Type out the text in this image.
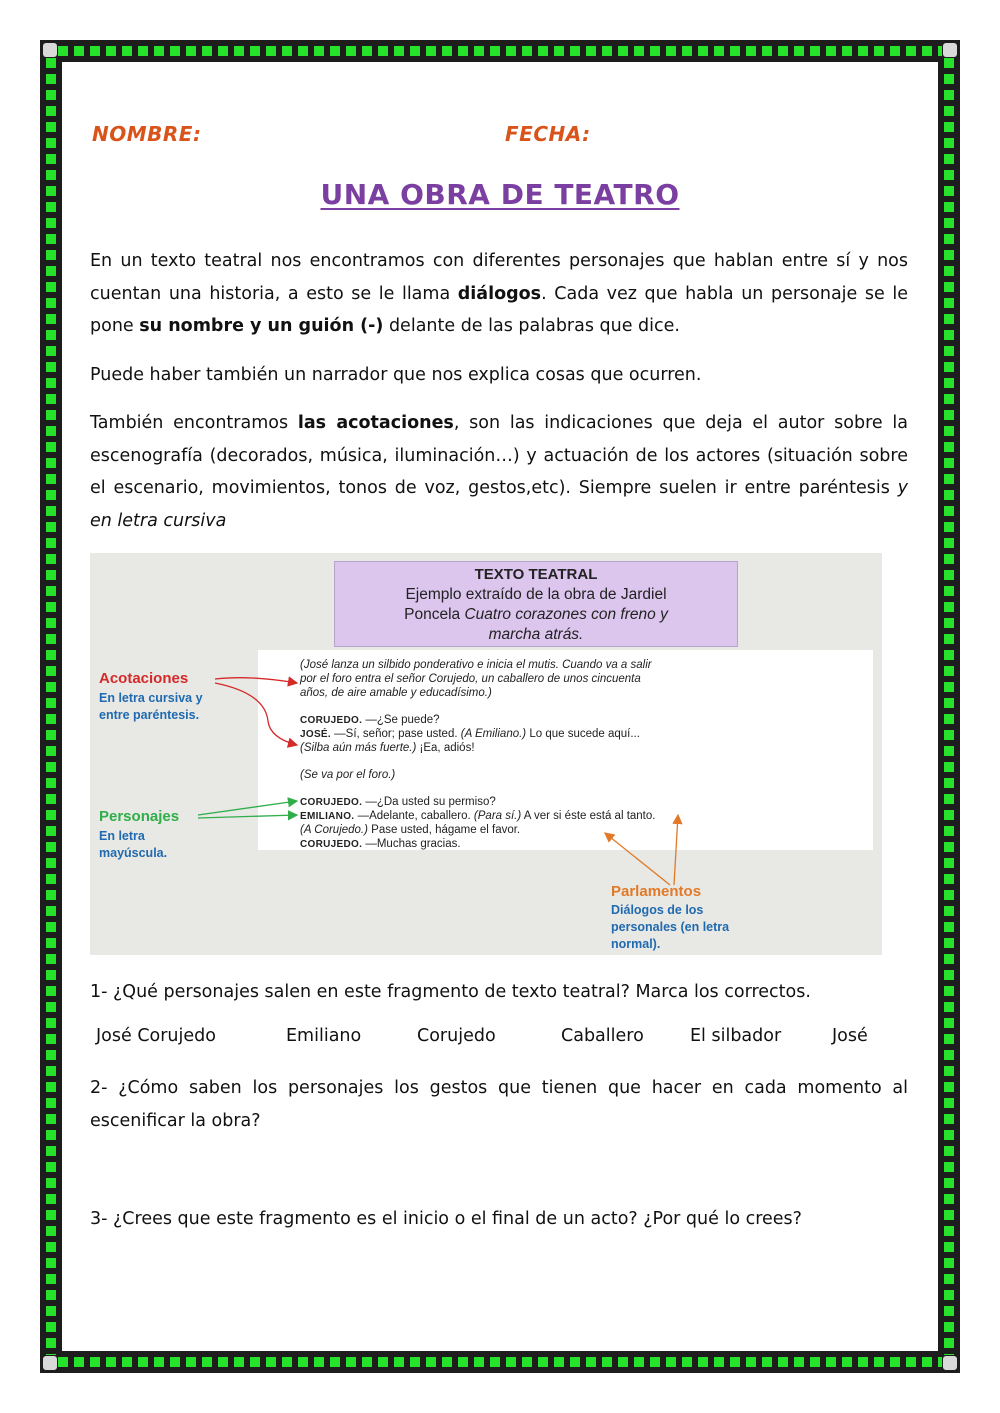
NOMBRE:	FECHA:
UNA OBRA DE TEATRO
En un texto teatral nos encontramos con diferentes personajes que hablan entre sí y nos cuentan una historia, a esto se le llama diálogos. Cada vez que habla un personaje se le pone su nombre y un guión (-) delante de las palabras que dice.
Puede haber también un narrador que nos explica cosas que ocurren.
También encontramos las acotaciones, son las indicaciones que deja el autor sobre la escenografía (decorados, música, iluminación…) y actuación de los actores (situación sobre el escenario, movimientos, tonos de voz, gestos,etc). Siempre suelen ir entre paréntesis y en letra cursiva
TEXTO TEATRAL
Ejemplo extraído de la obra de Jardiel
Poncela Cuatro corazones con freno y
marcha atrás.
(José lanza un silbido ponderativo e inicia el mutis. Cuando va a salir
por el foro entra el señor Corujedo, un caballero de unos cincuenta
años, de aire amable y educadísimo.)
CORUJEDO. —¿Se puede?
JOSÉ. —Sí, señor; pase usted. (A Emiliano.) Lo que sucede aquí...
(Silba aún más fuerte.) ¡Ea, adiós!
(Se va por el foro.)
CORUJEDO. —¿Da usted su permiso?
EMILIANO. —Adelante, caballero. (Para sí.) A ver si éste está al tanto.
(A Corujedo.) Pase usted, hágame el favor.
CORUJEDO. —Muchas gracias.
Acotaciones
En letra cursiva y
entre paréntesis.
Personajes
En letra
mayúscula.
Parlamentos
Diálogos de los
personales (en letra
normal).
1- ¿Qué personajes salen en este fragmento de texto teatral? Marca los correctos.
José Corujedo	Emiliano	Corujedo	Caballero	El silbador	José
2- ¿Cómo saben los personajes los gestos que tienen que hacer en cada momento al escenificar la obra?
3- ¿Crees que este fragmento es el inicio o el final de un acto? ¿Por qué lo crees?
